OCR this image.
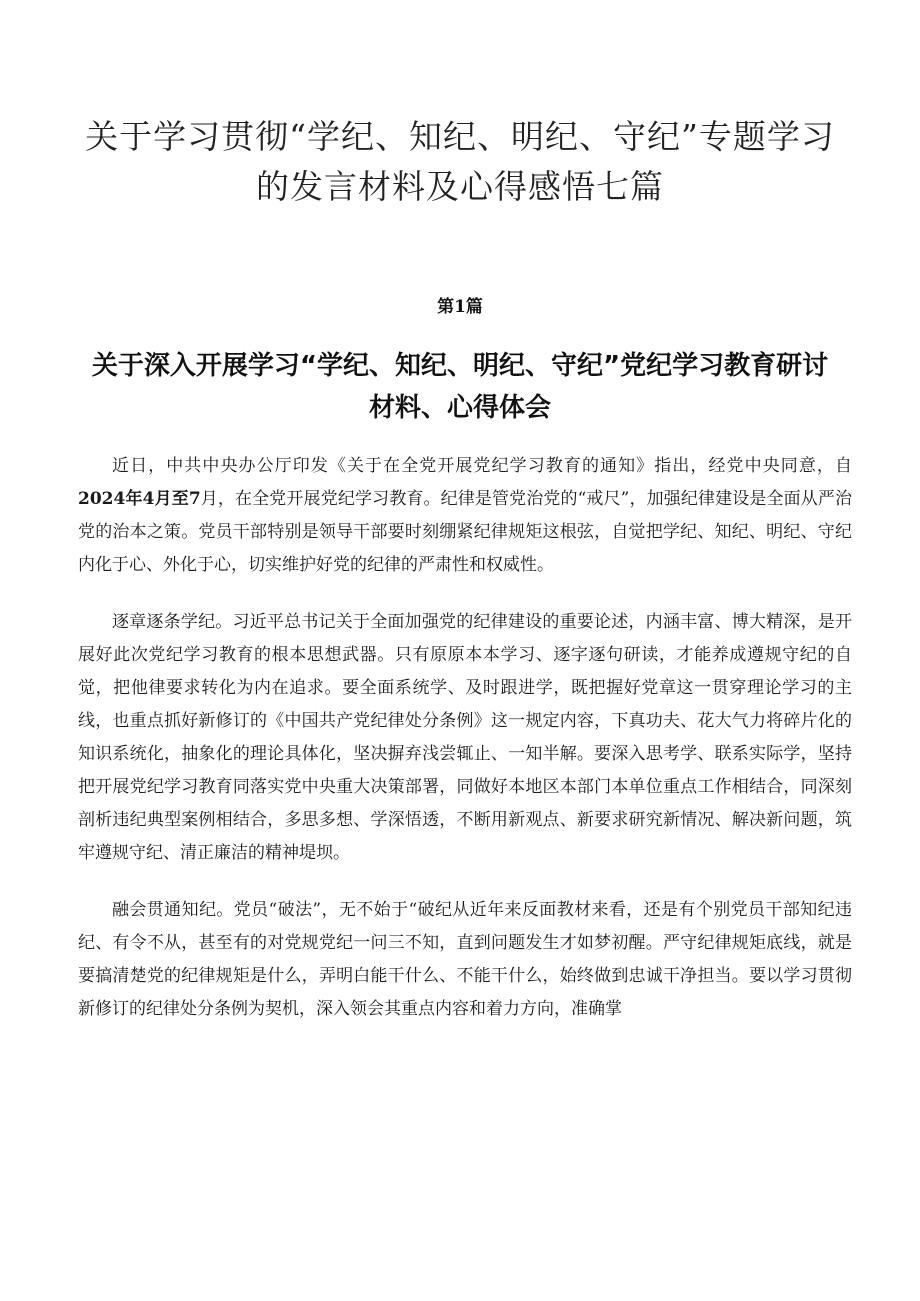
关于学习贯彻“学纪、知纪、明纪、守纪”专题学习的发言材料及心得感悟七篇
第1篇
关于深入开展学习“学纪、知纪、明纪、守纪”党纪学习教育研讨材料、心得体会

近日，中共中央办公厅印发《关于在全党开展党纪学习教育的通知》指出，经党中央同意，自2024年4月至7月，在全党开展党纪学习教育。纪律是管党治党的“戒尺”，加强纪律建设是全面从严治党的治本之策。党员干部特别是领导干部要时刻绷紧纪律规矩这根弦，自觉把学纪、知纪、明纪、守纪内化于心、外化于心，切实维护好党的纪律的严肃性和权威性。

逐章逐条学纪。习近平总书记关于全面加强党的纪律建设的重要论述，内涵丰富、博大精深，是开展好此次党纪学习教育的根本思想武器。只有原原本本学习、逐字逐句研读，才能养成遵规守纪的自觉，把他律要求转化为内在追求。要全面系统学、及时跟进学，既把握好党章这一贯穿理论学习的主线，也重点抓好新修订的《中国共产党纪律处分条例》这一规定内容，下真功夫、花大气力将碎片化的知识系统化，抽象化的理论具体化，坚决摒弃浅尝辄止、一知半解。要深入思考学、联系实际学，坚持把开展党纪学习教育同落实党中央重大决策部署，同做好本地区本部门本单位重点工作相结合，同深刻剖析违纪典型案例相结合，多思多想、学深悟透，不断用新观点、新要求研究新情况、解决新问题，筑牢遵规守纪、清正廉洁的精神堤坝。

融会贯通知纪。党员“破法”，无不始于“破纪从近年来反面教材来看，还是有个别党员干部知纪违纪、有令不从，甚至有的对党规党纪一问三不知，直到问题发生才如梦初醒。严守纪律规矩底线，就是要搞清楚党的纪律规矩是什么，弄明白能干什么、不能干什么，始终做到忠诚干净担当。要以学习贯彻新修订的纪律处分条例为契机，深入领会其重点内容和着力方向，准确掌
